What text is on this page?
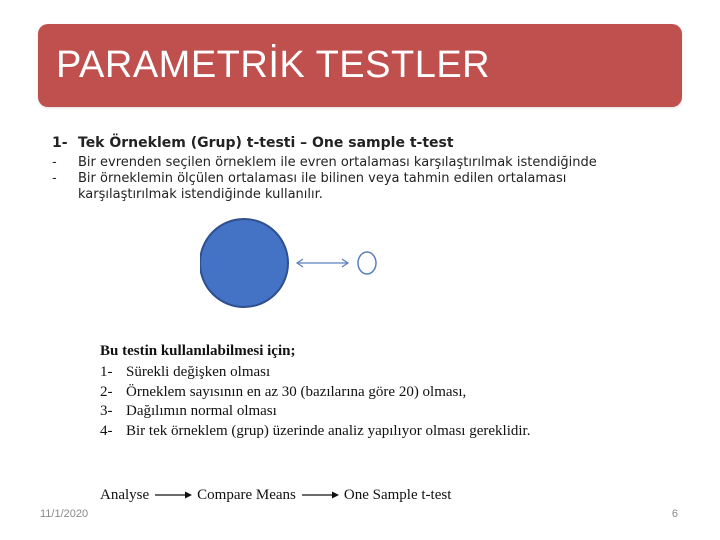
PARAMETRİK TESTLER
1- Tek Örneklem (Grup) t-testi – One sample t-test
-	Bir evrenden seçilen örneklem ile evren ortalaması karşılaştırılmak istendiğinde
-	Bir örneklemin ölçülen ortalaması ile bilinen veya tahmin edilen ortalaması karşılaştırılmak istendiğinde kullanılır.
Bu testin kullanılabilmesi için;
1- Sürekli değişken olması
2- Örneklem sayısının en az 30 (bazılarına göre 20) olması,
3- Dağılımın normal olması
4- Bir tek örneklem (grup) üzerinde analiz yapılıyor olması gereklidir.
Analyse	Compare Means	One Sample t-test
11/1/2020	6
